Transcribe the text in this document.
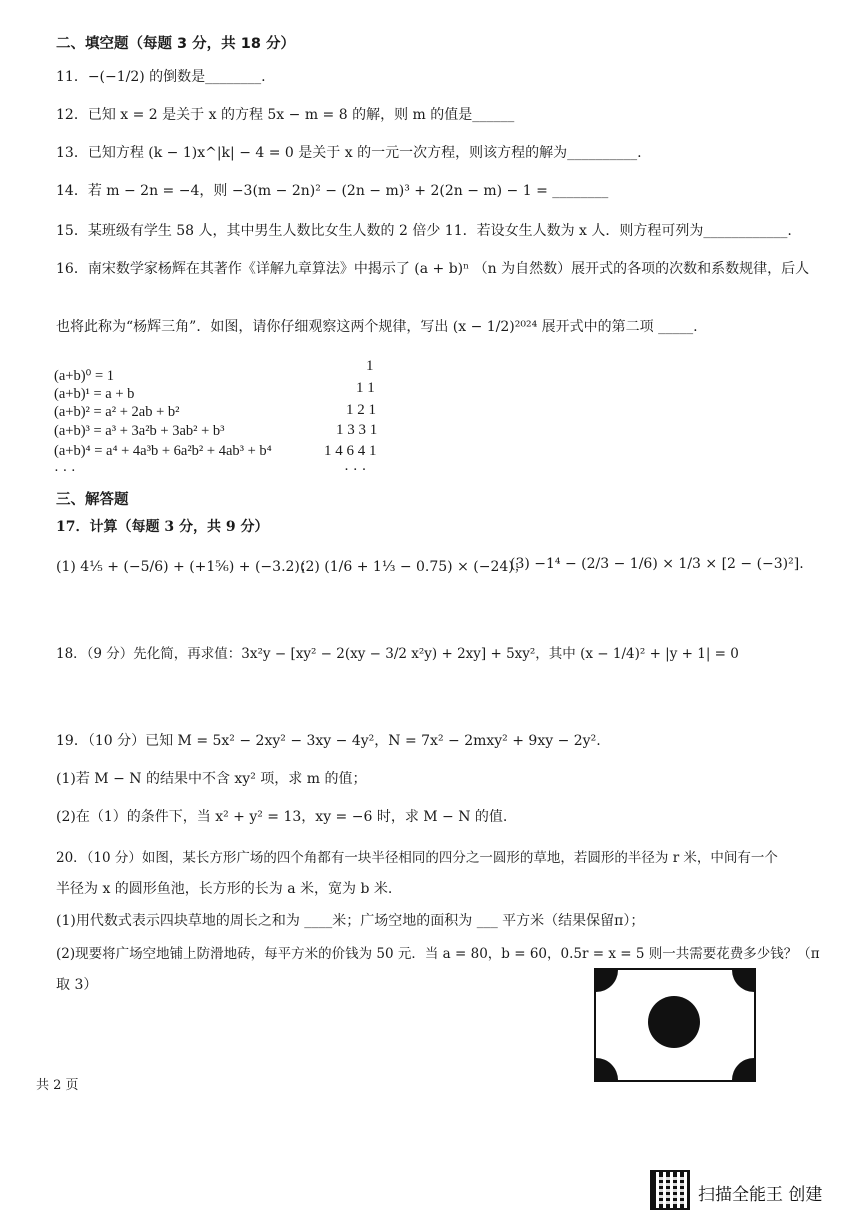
二、填空题（每题 3 分，共 18 分）
11．−(−1/2) 的倒数是________.
12．已知 x = 2 是关于 x 的方程 5x − m = 8 的解，则 m 的值是______
13．已知方程 (k − 1)x^|k| − 4 = 0 是关于 x 的一元一次方程，则该方程的解为__________.
14．若 m − 2n = −4，则 −3(m − 2n)² − (2n − m)³ + 2(2n − m) − 1 = ________
15．某班级有学生 58 人，其中男生人数比女生人数的 2 倍少 11．若设女生人数为 x 人．则方程可列为____________.
16．南宋数学家杨辉在其著作《详解九章算法》中揭示了 (a + b)ⁿ （n 为自然数）展开式的各项的次数和系数规律，后人
也将此称为“杨辉三角”．如图，请你仔细观察这两个规律，写出 (x − 1/2)²⁰²⁴ 展开式中的第二项 _____.
(a+b)⁰ = 1
(a+b)¹ = a + b
(a+b)² = a² + 2ab + b²
(a+b)³ = a³ + 3a²b + 3ab² + b³
(a+b)⁴ = a⁴ + 4a³b + 6a²b² + 4ab³ + b⁴
· · ·
1
1 1
1 2 1
1 3 3 1
1 4 6 4 1
· · ·
三、解答题
17．计算（每题 3 分，共 9 分）
(1) 4⅕ + (−5/6) + (+1⅚) + (−3.2)；
(2) (1/6 + 1⅓ − 0.75) × (−24)；
(3) −1⁴ − (2/3 − 1/6) × 1/3 × [2 − (−3)²].
18．（9 分）先化简，再求值：3x²y − [xy² − 2(xy − 3/2 x²y) + 2xy] + 5xy²，其中 (x − 1/4)² + |y + 1| = 0
19．（10 分）已知 M = 5x² − 2xy² − 3xy − 4y²，N = 7x² − 2mxy² + 9xy − 2y².
(1)若 M − N 的结果中不含 xy² 项，求 m 的值；
(2)在（1）的条件下，当 x² + y² = 13，xy = −6 时，求 M − N 的值.
20．（10 分）如图，某长方形广场的四个角都有一块半径相同的四分之一圆形的草地，若圆形的半径为 r 米，中间有一个
半径为 x 的圆形鱼池，长方形的长为 a 米，宽为 b 米.
(1)用代数式表示四块草地的周长之和为 ____米；广场空地的面积为 ___ 平方米（结果保留π）；
(2)现要将广场空地铺上防滑地砖，每平方米的价钱为 50 元．当 a = 80，b = 60，0.5r = x = 5 则一共需要花费多少钱？（π
取 3）
共 2 页
扫描全能王 创建
